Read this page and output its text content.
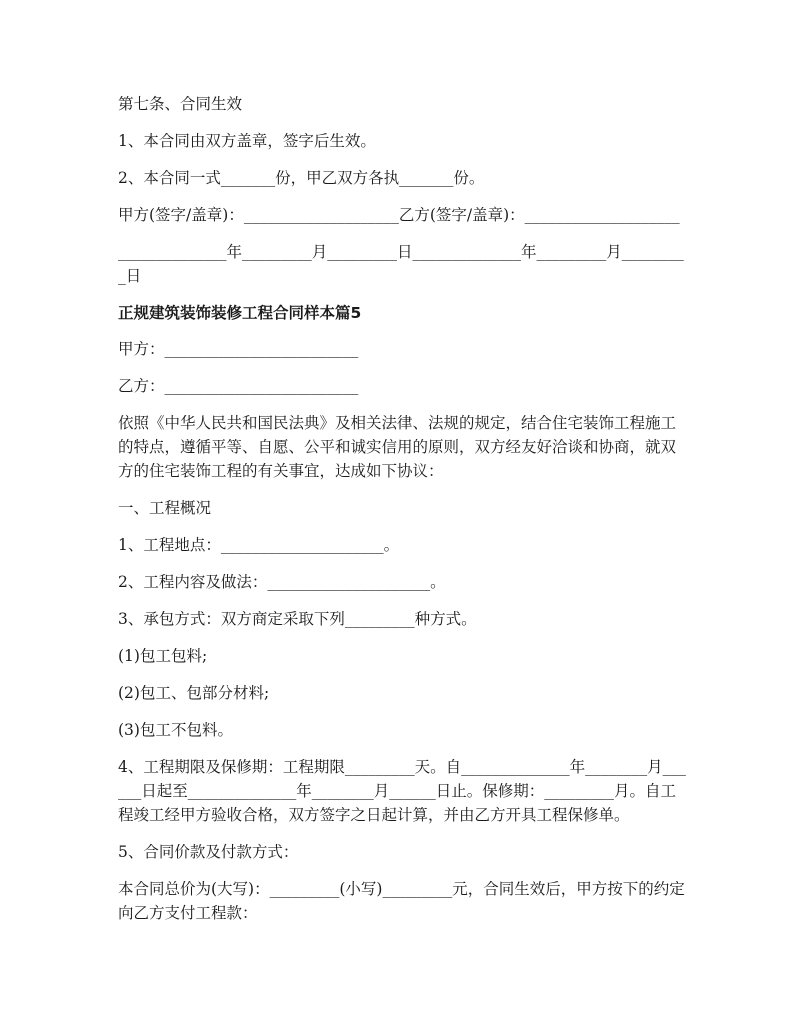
第七条、合同生效

1、本合同由双方盖章，签字后生效。

2、本合同一式_______份，甲乙双方各执_______份。

甲方(签字/盖章)：____________________乙方(签字/盖章)：____________________

______________年_________月_________日______________年_________月_________日

正规建筑装饰装修工程合同样本篇5

甲方：_________________________

乙方：_________________________

依照《中华人民共和国民法典》及相关法律、法规的规定，结合住宅装饰工程施工的特点，遵循平等、自愿、公平和诚实信用的原则，双方经友好洽谈和协商，就双方的住宅装饰工程的有关事宜，达成如下协议：

一、工程概况

1、工程地点：_____________________。

2、工程内容及做法：_____________________。

3、承包方式：双方商定采取下列_________种方式。

(1)包工包料;

(2)包工、包部分材料;

(3)包工不包料。

4、工程期限及保修期：工程期限_________天。自______________年________月______日起至______________年________月______日止。保修期：_________月。自工程竣工经甲方验收合格，双方签字之日起计算，并由乙方开具工程保修单。

5、合同价款及付款方式：

本合同总价为(大写)：_________(小写)_________元，合同生效后，甲方按下的约定向乙方支付工程款：
